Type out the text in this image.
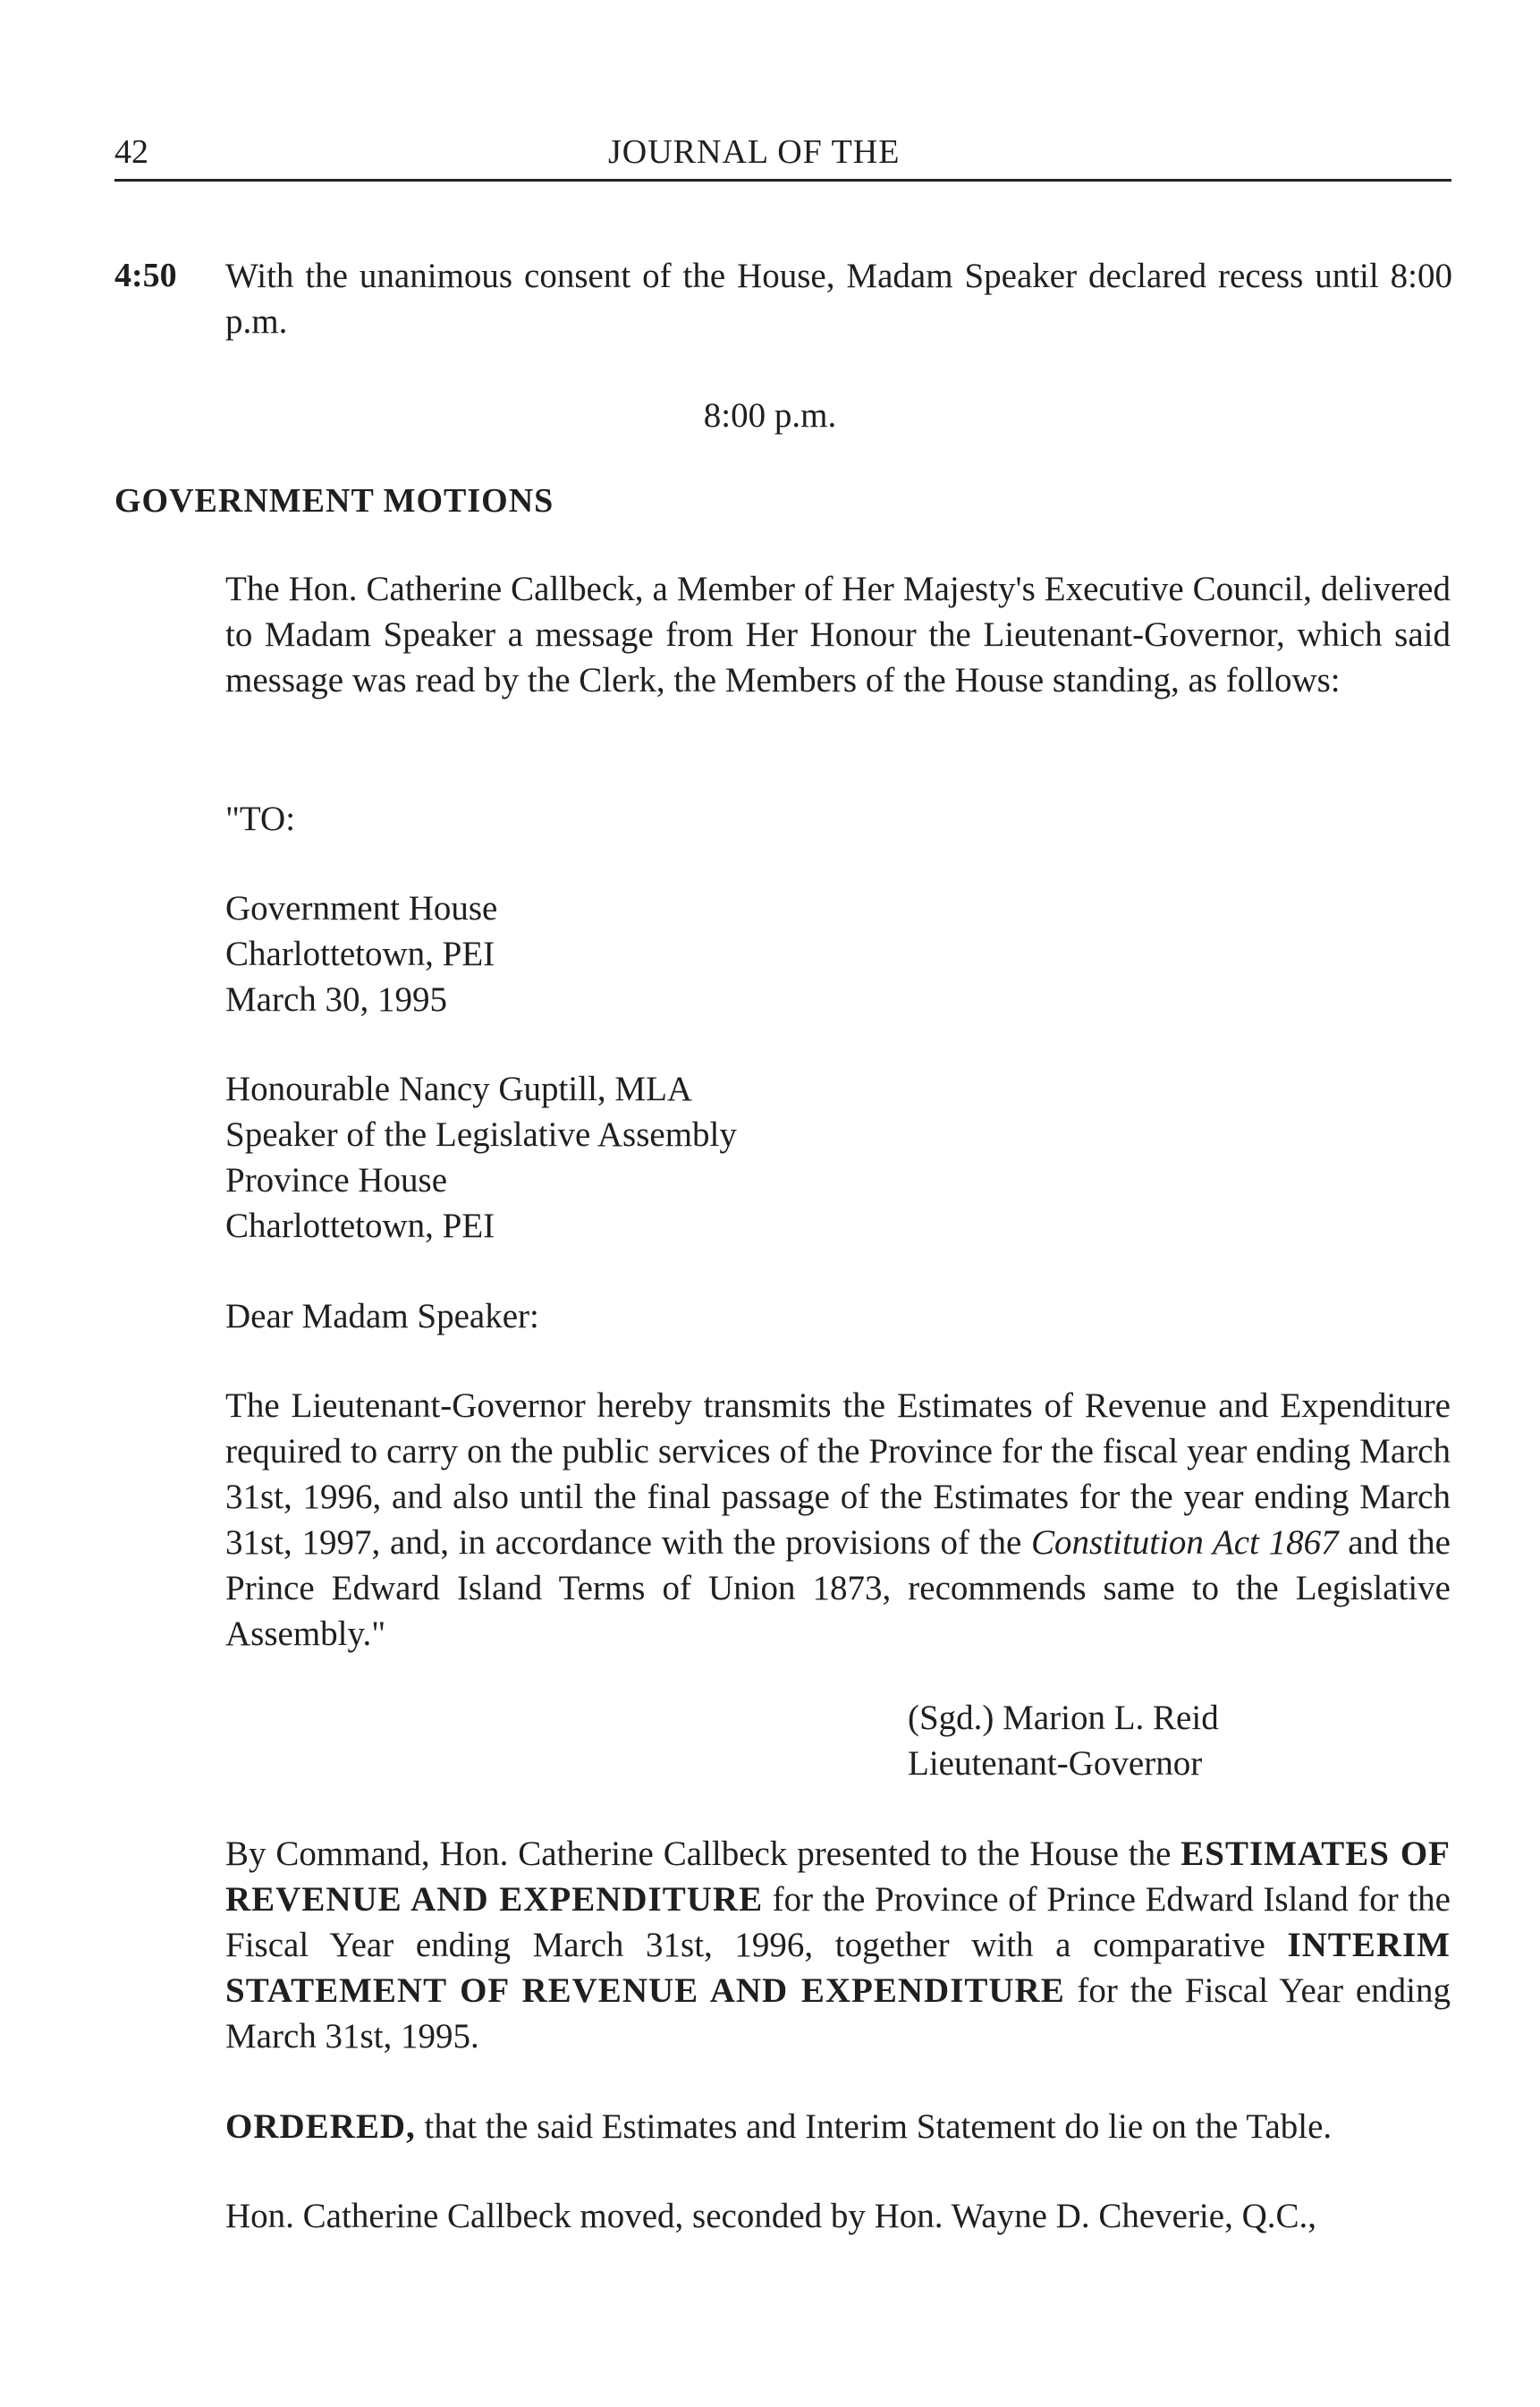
42	JOURNAL OF THE
4:50 With the unanimous consent of the House, Madam Speaker declared recess until 8:00 p.m.

8:00 p.m.
GOVERNMENT MOTIONS

The Hon. Catherine Callbeck, a Member of Her Majesty's Executive Council, delivered to Madam Speaker a message from Her Honour the Lieutenant-Governor, which said message was read by the Clerk, the Members of the House standing, as follows:

"TO:
Government House
Charlottetown, PEI
March 30, 1995
Honourable Nancy Guptill, MLA
Speaker of the Legislative Assembly
Province House
Charlottetown, PEI
Dear Madam Speaker:

The Lieutenant-Governor hereby transmits the Estimates of Revenue and Expenditure required to carry on the public services of the Province for the fiscal year ending March 31st, 1996, and also until the final passage of the Estimates for the year ending March 31st, 1997, and, in accordance with the provisions of the Constitution Act 1867 and the Prince Edward Island Terms of Union 1873, recommends same to the Legislative Assembly."

(Sgd.) Marion L. Reid
Lieutenant-Governor

By Command, Hon. Catherine Callbeck presented to the House the ESTIMATES OF REVENUE AND EXPENDITURE for the Province of Prince Edward Island for the Fiscal Year ending March 31st, 1996, together with a comparative INTERIM STATEMENT OF REVENUE AND EXPENDITURE for the Fiscal Year ending March 31st, 1995.

ORDERED, that the said Estimates and Interim Statement do lie on the Table.

Hon. Catherine Callbeck moved, seconded by Hon. Wayne D. Cheverie, Q.C.,
